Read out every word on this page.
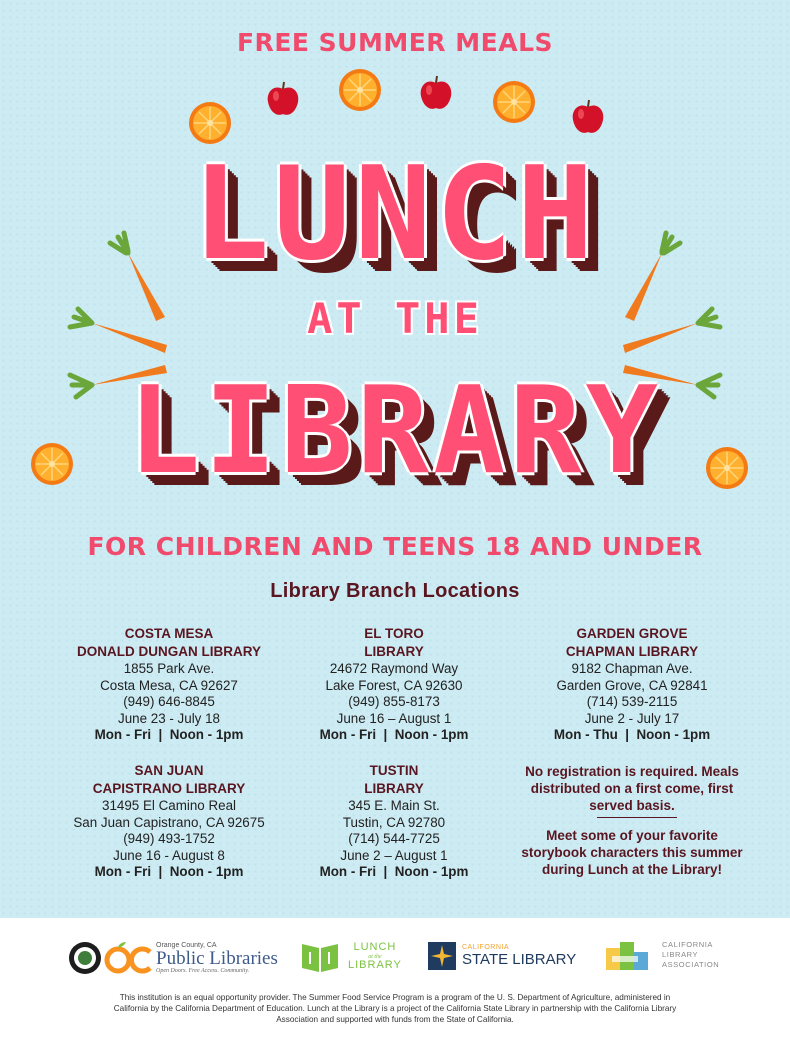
FREE SUMMER MEALS
LUNCH
AT THE
LIBRARY
FOR CHILDREN AND TEENS 18 AND UNDER
Library Branch Locations
COSTA MESA
DONALD DUNGAN LIBRARY
1855 Park Ave.
Costa Mesa, CA 92627
(949) 646-8845
June 23 - July 18
Mon - Fri  |  Noon - 1pm
EL TORO
LIBRARY
24672 Raymond Way
Lake Forest, CA 92630
(949) 855-8173
June 16 – August 1
Mon - Fri  |  Noon - 1pm
GARDEN GROVE
CHAPMAN LIBRARY
9182 Chapman Ave.
Garden Grove, CA 92841
(714) 539-2115
June 2 - July 17
Mon - Thu  |  Noon - 1pm
SAN JUAN
CAPISTRANO LIBRARY
31495 El Camino Real
San Juan Capistrano, CA 92675
(949) 493-1752
June 16 - August 8
Mon - Fri  |  Noon - 1pm
TUSTIN
LIBRARY
345 E. Main St.
Tustin, CA 92780
(714) 544-7725
June 2 – August 1
Mon - Fri  |  Noon - 1pm
No registration is required. Meals distributed on a first come, first served basis.
Meet some of your favorite storybook characters this summer during Lunch at the Library!
Orange County, CA
Public Libraries
Open Doors. Free Access. Community.
LUNCH
at the
LIBRARY
CALIFORNIA
STATE LIBRARY
CALIFORNIA
LIBRARY
ASSOCIATION
This institution is an equal opportunity provider. The Summer Food Service Program is a program of the U. S. Department of Agriculture, administered in California by the California Department of Education. Lunch at the Library is a project of the California State Library in partnership with the California Library Association and supported with funds from the State of California.
